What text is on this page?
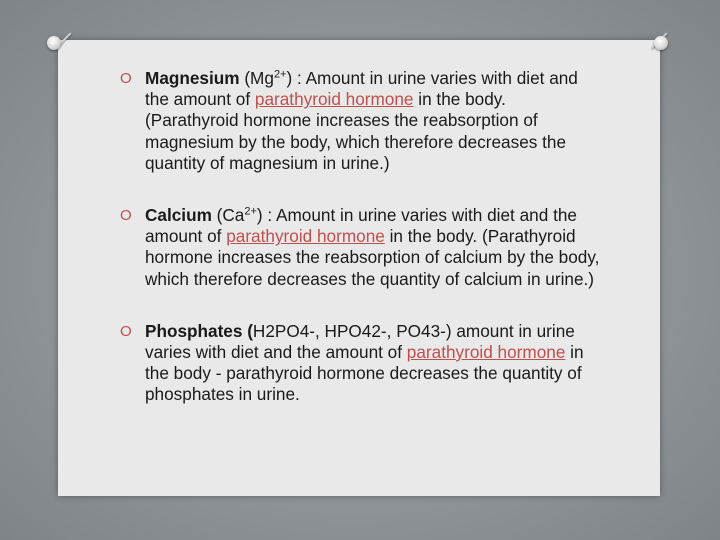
O Magnesium $(Mg^{2+})$ : Amount in urine varies with diet and the amount of parathyroid hormone in the body. (Parathyroid hormone increases the reabsorption of magnesium by the body, which therefore decreases the quantity of magnesium in urine.)
O Calcium $(Ca^{2+})$ : Amount in urine varies with diet and the amount of parathyroid hormone in the body. (Parathyroid hormone increases the reabsorption of calcium by the body, which therefore decreases the quantity of calcium in urine.)
O Phosphates (H2PO4-, HPO42-, PO43-) amount in urine varies with diet and the amount of parathyroid hormone in the body - parathyroid hormone decreases the quantity of phosphates in urine.
